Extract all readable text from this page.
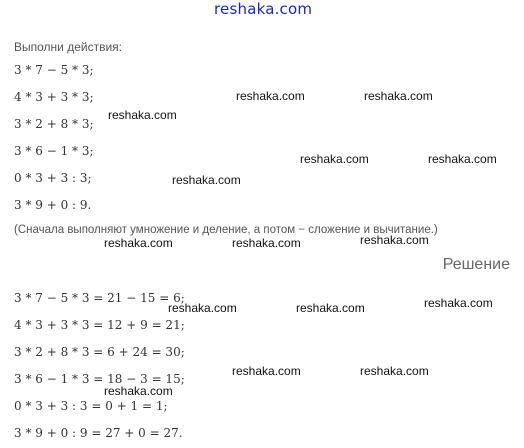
reshaka.com
Выполни действия:
3 * 7 − 5 * 3;
4 * 3 + 3 * 3;
3 * 2 + 8 * 3;
3 * 6 − 1 * 3;
0 * 3 + 3 : 3;
3 * 9 + 0 : 9.
(Сначала выполняют умножение и деление, а потом − сложение и вычитание.)
Решение
3 * 7 − 5 * 3 = 21 − 15 = 6;
4 * 3 + 3 * 3 = 12 + 9 = 21;
3 * 2 + 8 * 3 = 6 + 24 = 30;
3 * 6 − 1 * 3 = 18 − 3 = 15;
0 * 3 + 3 : 3 = 0 + 1 = 1;
3 * 9 + 0 : 9 = 27 + 0 = 27.
reshaka.com	reshaka.com
reshaka.com
reshaka.com	reshaka.com
reshaka.com
reshaka.com	reshaka.com	reshaka.com
reshaka.com
reshaka.com	reshaka.com
reshaka.com	reshaka.com
reshaka.com
